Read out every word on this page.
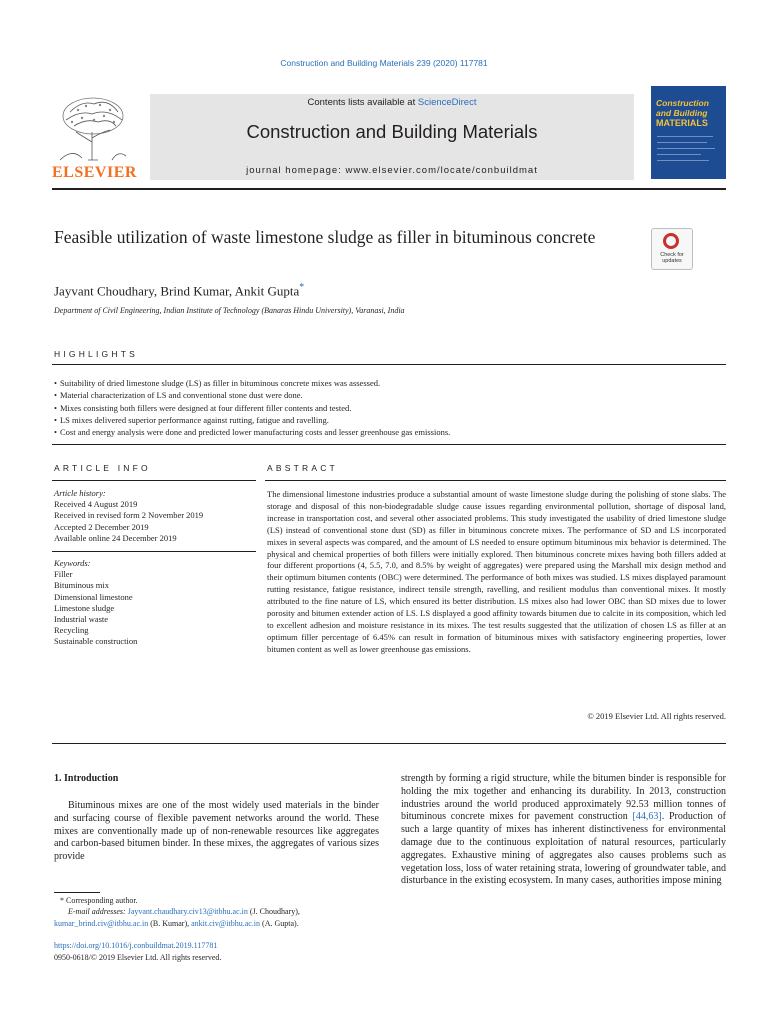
Construction and Building Materials 239 (2020) 117781
ELSEVIER
Contents lists available at ScienceDirect
Construction and Building Materials
journal homepage: www.elsevier.com/locate/conbuildmat
Construction
and Building
MATERIALS
Feasible utilization of waste limestone sludge as filler in bituminous concrete
Check for updates
Jayvant Choudhary, Brind Kumar, Ankit Gupta*
Department of Civil Engineering, Indian Institute of Technology (Banaras Hindu University), Varanasi, India
HIGHLIGHTS
• Suitability of dried limestone sludge (LS) as filler in bituminous concrete mixes was assessed.
• Material characterization of LS and conventional stone dust were done.
• Mixes consisting both fillers were designed at four different filler contents and tested.
• LS mixes delivered superior performance against rutting, fatigue and ravelling.
• Cost and energy analysis were done and predicted lower manufacturing costs and lesser greenhouse gas emissions.
ARTICLE INFO
Article history:
Received 4 August 2019
Received in revised form 2 November 2019
Accepted 2 December 2019
Available online 24 December 2019
Keywords:
Filler
Bituminous mix
Dimensional limestone
Limestone sludge
Industrial waste
Recycling
Sustainable construction
ABSTRACT
The dimensional limestone industries produce a substantial amount of waste limestone sludge during the polishing of stone slabs. The storage and disposal of this non-biodegradable sludge cause issues regarding environmental pollution, shortage of disposal land, increase in transportation cost, and several other associated problems. This study investigated the usability of dried limestone sludge (LS) instead of conventional stone dust (SD) as filler in bituminous concrete mixes. The performance of SD and LS incorporated mixes in several aspects was compared, and the amount of LS needed to ensure optimum bituminous mix behavior is determined. The physical and chemical properties of both fillers were initially explored. Then bituminous concrete mixes having both fillers added at four different proportions (4, 5.5, 7.0, and 8.5% by weight of aggregates) were prepared using the Marshall mix design method and their optimum bitumen contents (OBC) were determined. The performance of both mixes was studied. LS mixes displayed paramount rutting resistance, fatigue resistance, indirect tensile strength, ravelling, and resilient modulus than conventional mixes. It mostly attributed to the fine nature of LS, which ensured its better distribution. LS mixes also had lower OBC than SD mixes due to lower porosity and bitumen extender action of LS. LS displayed a good affinity towards bitumen due to calcite in its composition, which led to excellent adhesion and moisture resistance in its mixes. The test results suggested that the utilization of chosen LS as filler at an optimum filler percentage of 6.45% can result in formation of bituminous mixes with satisfactory engineering properties, lower bitumen content as well as lower greenhouse gas emissions.
© 2019 Elsevier Ltd. All rights reserved.
1. Introduction
Bituminous mixes are one of the most widely used materials in the binder and surfacing course of flexible pavement networks around the world. These mixes are conventionally made up of non-renewable resources like aggregates and carbon-based bitumen binder. In these mixes, the aggregates of various sizes provide
strength by forming a rigid structure, while the bitumen binder is responsible for holding the mix together and enhancing its durability. In 2013, construction industries around the world produced approximately 92.53 million tonnes of bituminous concrete mixes for pavement construction [44,63]. Production of such a large quantity of mixes has inherent distinctiveness for environmental damage due to the continuous exploitation of natural resources, particularly aggregates. Exhaustive mining of aggregates also causes problems such as vegetation loss, loss of water retaining strata, lowering of groundwater table, and disturbance in the existing ecosystem. In many cases, authorities impose mining
* Corresponding author.
E-mail addresses: Jayvant.chaudhary.civ13@itbhu.ac.in (J. Choudhary),
kumar_brind.civ@itbhu.ac.in (B. Kumar), ankit.civ@itbhu.ac.in (A. Gupta).
https://doi.org/10.1016/j.conbuildmat.2019.117781
0950-0618/© 2019 Elsevier Ltd. All rights reserved.
